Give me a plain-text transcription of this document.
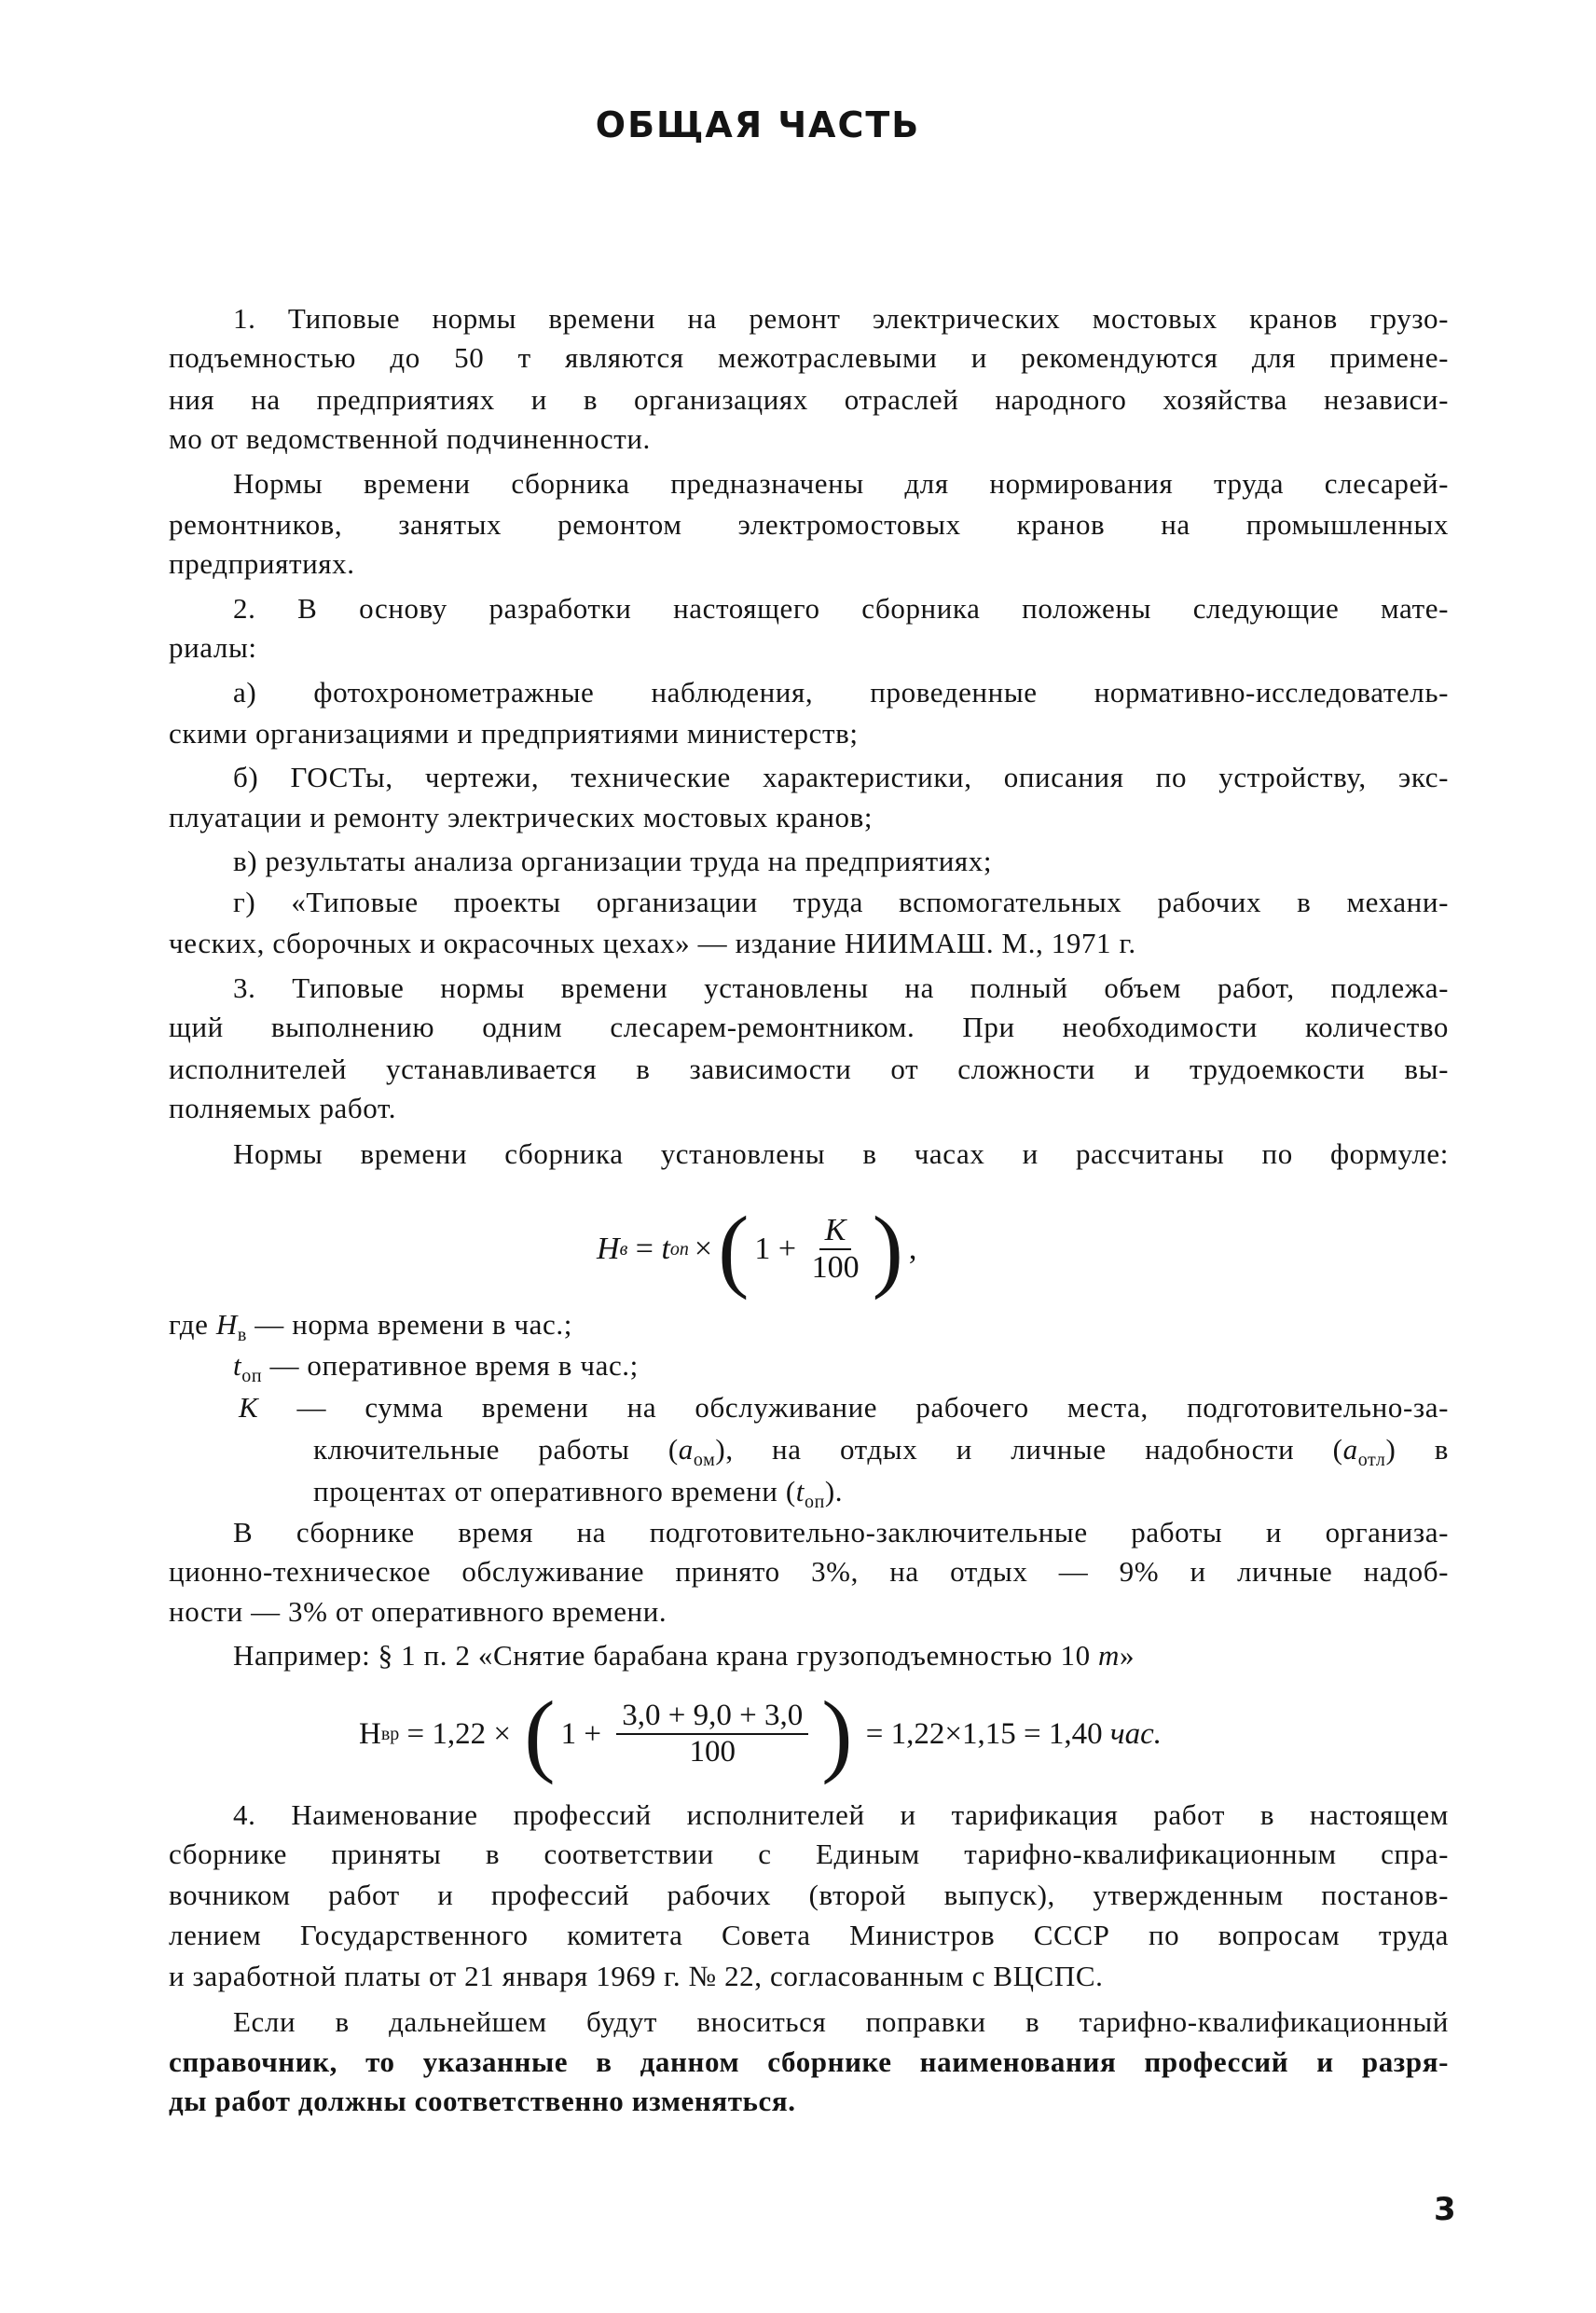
ОБЩАЯ ЧАСТЬ
1. Типовые нормы времени на ремонт электрических мостовых кранов грузо-
подъемностью до 50 т являются межотраслевыми и рекомендуются для примене-
ния на предприятиях и в организациях отраслей народного хозяйства независи-
мо от ведомственной подчиненности.
Нормы времени сборника предназначены для нормирования труда слесарей-
ремонтников, занятых ремонтом электромостовых кранов на промышленных
предприятиях.
2. В основу разработки настоящего сборника положены следующие мате-
риалы:
а) фотохронометражные наблюдения, проведенные нормативно-исследователь-
скими организациями и предприятиями министерств;
б) ГОСТы, чертежи, технические характеристики, описания по устройству, экс-
плуатации и ремонту электрических мостовых кранов;
в) результаты анализа организации труда на предприятиях;
г) «Типовые проекты организации труда вспомогательных рабочих в механи-
ческих, сборочных и окрасочных цехах» — издание НИИМАШ. М., 1971 г.
3. Типовые нормы времени установлены на полный объем работ, подлежа-
щий выполнению одним слесарем-ремонтником. При необходимости количество
исполнителей устанавливается в зависимости от сложности и трудоемкости вы-
полняемых работ.
Нормы времени сборника установлены в часах и рассчитаны по формуле:
Н в = t оп × ( $1 + \frac{K}{100}$ ) ,
где $Н_в$ — норма времени в час.;
$t_{оп}$ — оперативное время в час.;
K — сумма времени на обслуживание рабочего места, подготовительно-за-
ключительные работы $(a_{ом})$, на отдых и личные надобности $(a_{отл})$ в
процентах от оперативного времени $(t_{оп})$.
В сборнике время на подготовительно-заключительные работы и организа-
ционно-техническое обслуживание принято 3%, на отдых — 9% и личные надоб-
ности — 3% от оперативного времени.
Например: § 1 п. 2 «Снятие барабана крана грузоподъемностью 10 т»
Н вр = 1,22 × ( $1 + \frac{3,0 + 9,0 + 3,0}{100}$ ) = 1,22×1,15 = 1,40 час.
4. Наименование профессий исполнителей и тарификация работ в настоящем
сборнике приняты в соответствии с Единым тарифно-квалификационным спра-
вочником работ и профессий рабочих (второй выпуск), утвержденным постанов-
лением Государственного комитета Совета Министров СССР по вопросам труда
и заработной платы от 21 января 1969 г. № 22, согласованным с ВЦСПС.
Если в дальнейшем будут вноситься поправки в тарифно-квалификационный
справочник, то указанные в данном сборнике наименования профессий и разря-
ды работ должны соответственно изменяться.
3
